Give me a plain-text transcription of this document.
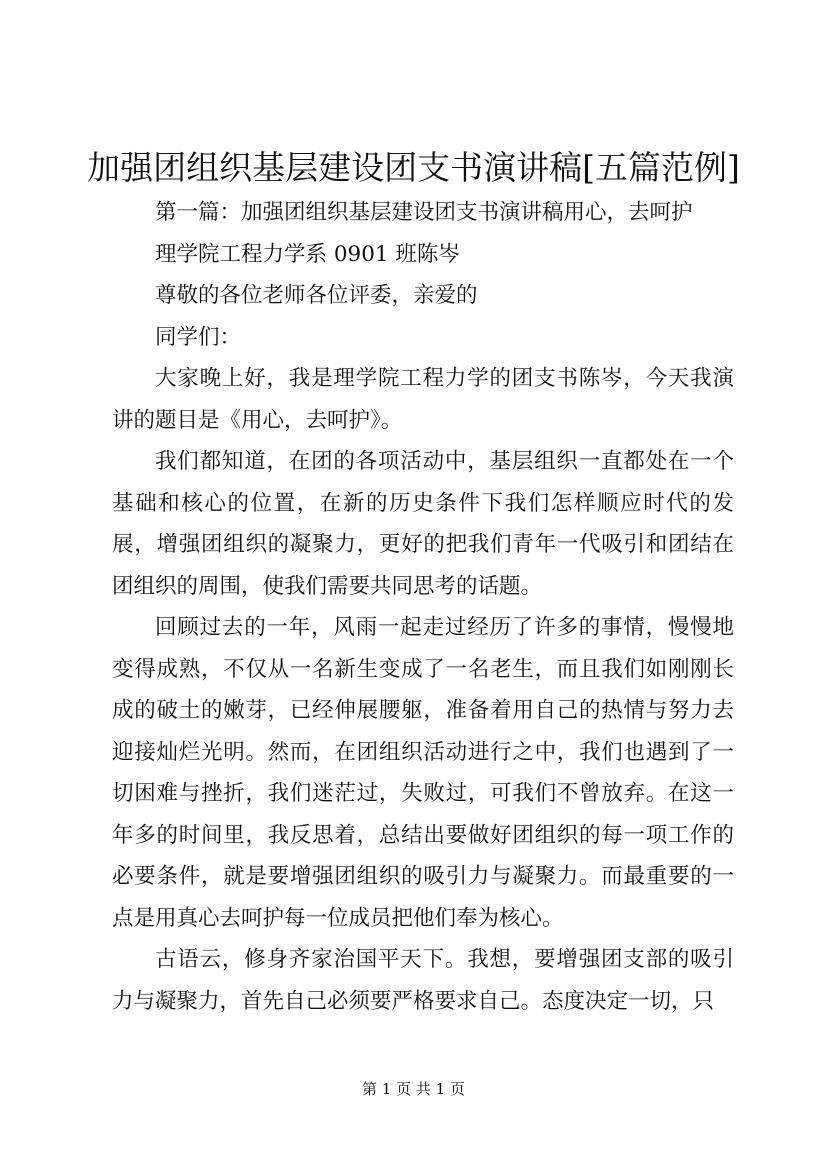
加强团组织基层建设团支书演讲稿[五篇范例]

第一篇：加强团组织基层建设团支书演讲稿用心，去呵护

理学院工程力学系 0901 班陈岑

尊敬的各位老师各位评委，亲爱的

同学们：

大家晚上好，我是理学院工程力学的团支书陈岑，今天我演讲的题目是《用心，去呵护》。

我们都知道，在团的各项活动中，基层组织一直都处在一个基础和核心的位置，在新的历史条件下我们怎样顺应时代的发展，增强团组织的凝聚力，更好的把我们青年一代吸引和团结在团组织的周围，使我们需要共同思考的话题。

回顾过去的一年，风雨一起走过经历了许多的事情，慢慢地变得成熟，不仅从一名新生变成了一名老生，而且我们如刚刚长成的破土的嫩芽，已经伸展腰躯，准备着用自己的热情与努力去迎接灿烂光明。然而，在团组织活动进行之中，我们也遇到了一切困难与挫折，我们迷茫过，失败过，可我们不曾放弃。在这一年多的时间里，我反思着，总结出要做好团组织的每一项工作的必要条件，就是要增强团组织的吸引力与凝聚力。而最重要的一点是用真心去呵护每一位成员把他们奉为核心。

古语云，修身齐家治国平天下。我想，要增强团支部的吸引力与凝聚力，首先自己必须要严格要求自己。态度决定一切，只

第 1 页 共 1 页
